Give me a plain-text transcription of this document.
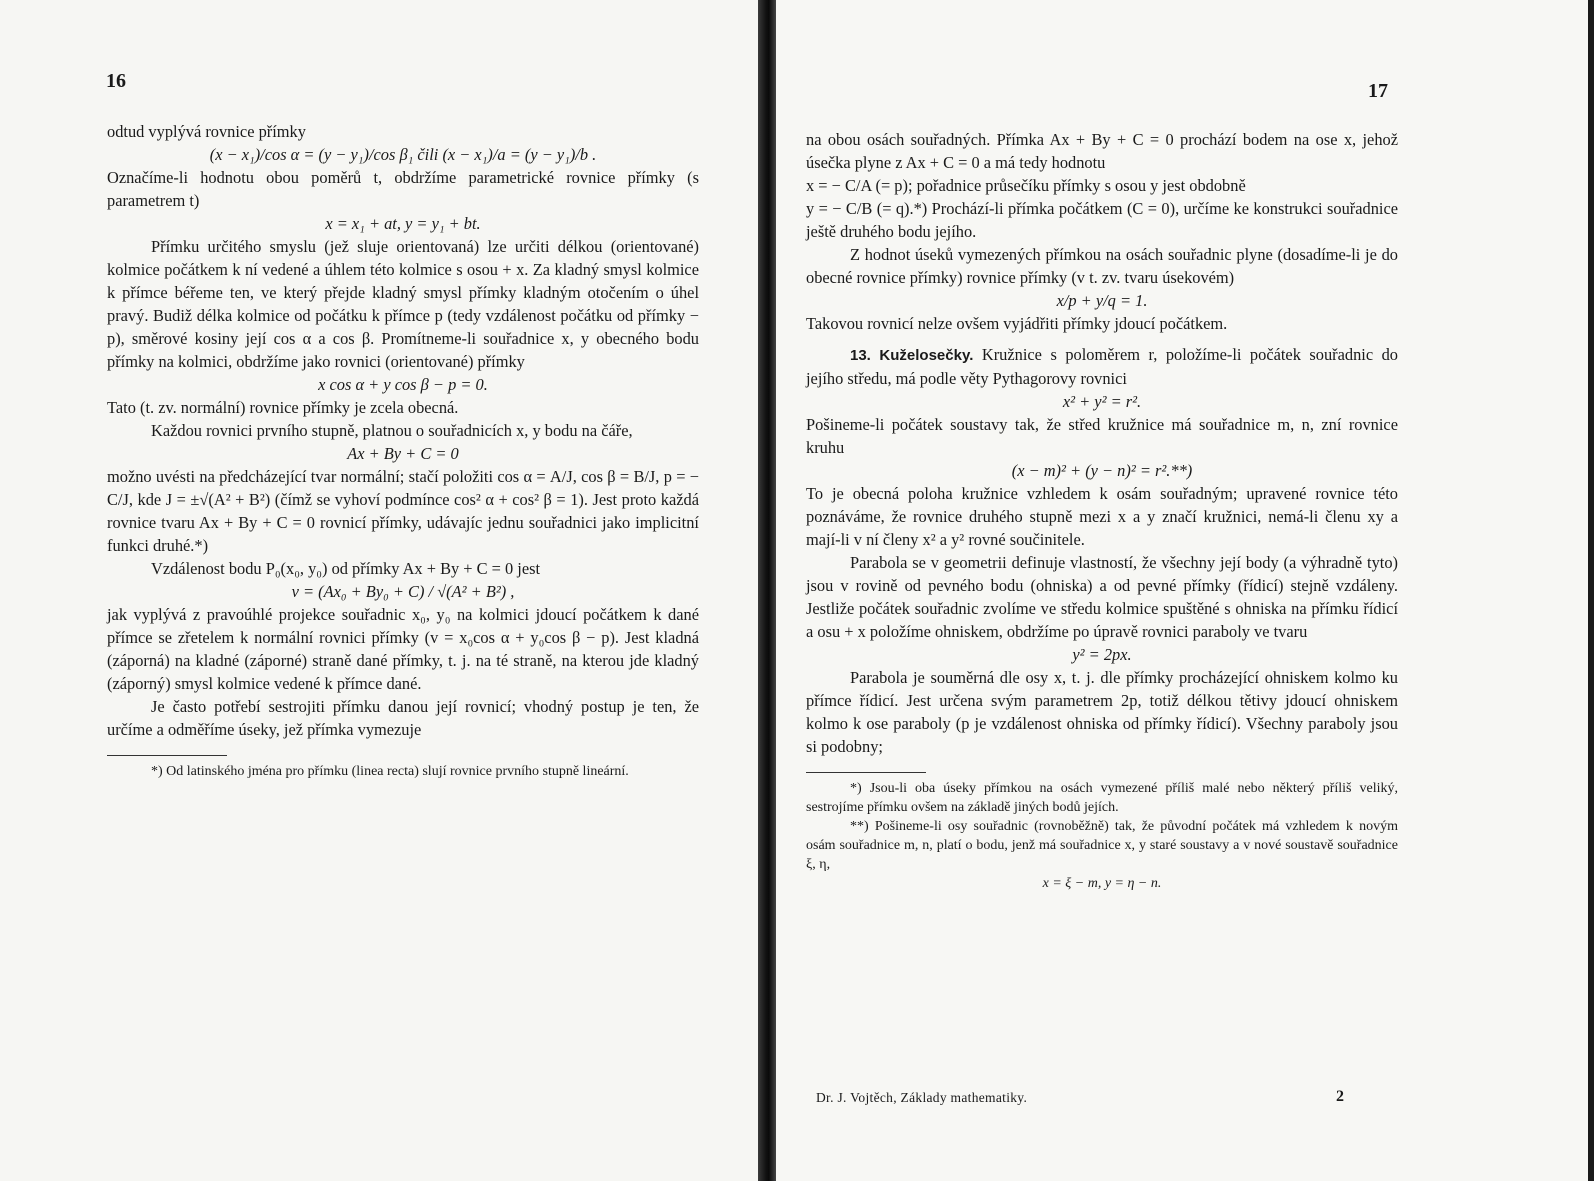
16

odtud vyplývá rovnice přímky

(x − x₁)/cos α = (y − y₁)/cos β₁ čili (x − x₁)/a = (y − y₁)/b .

Označíme-li hodnotu obou poměrů t, obdržíme parametrické rovnice přímky (s parametrem t)

x = x₁ + at, y = y₁ + bt.

Přímku určitého smyslu (jež sluje orientovaná) lze určiti délkou (orientované) kolmice počátkem k ní vedené a úhlem této kolmice s osou + x. Za kladný smysl kolmice k přímce béřeme ten, ve který přejde kladný smysl přímky kladným otočením o úhel pravý. Budiž délka kolmice od počátku k přímce p (tedy vzdálenost počátku od přímky − p), směrové kosiny její cos α a cos β. Promítneme-li souřadnice x, y obecného bodu přímky na kolmici, obdržíme jako rovnici (orientované) přímky

x cos α + y cos β − p = 0.

Tato (t. zv. normální) rovnice přímky je zcela obecná.

Každou rovnici prvního stupně, platnou o souřadnicích x, y bodu na čáře,

Ax + By + C = 0

možno uvésti na předcházející tvar normální; stačí položiti cos α = A/J, cos β = B/J, p = − C/J, kde J = ±√(A² + B²) (čímž se vyhoví podmínce cos² α + cos² β = 1). Jest proto každá rovnice tvaru Ax + By + C = 0 rovnicí přímky, udávajíc jednu souřadnici jako implicitní funkci druhé.*)

Vzdálenost bodu P₀(x₀, y₀) od přímky Ax + By + C = 0 jest

v = (Ax₀ + By₀ + C) / √(A² + B²) ,

jak vyplývá z pravoúhlé projekce souřadnic x₀, y₀ na kolmici jdoucí počátkem k dané přímce se zřetelem k normální rovnici přímky (v = x₀cos α + y₀cos β − p). Jest kladná (záporná) na kladné (záporné) straně dané přímky, t. j. na té straně, na kterou jde kladný (záporný) smysl kolmice vedené k přímce dané.

Je často potřebí sestrojiti přímku danou její rovnicí; vhodný postup je ten, že určíme a odměříme úseky, jež přímka vymezuje

*) Od latinského jména pro přímku (linea recta) slují rovnice prvního stupně lineární.

17

na obou osách souřadných. Přímka Ax + By + C = 0 prochází bodem na ose x, jehož úsečka plyne z Ax + C = 0 a má tedy hodnotu

x = − C/A (= p); pořadnice průsečíku přímky s osou y jest obdobně

y = − C/B (= q).*) Prochází-li přímka počátkem (C = 0), určíme ke konstrukci souřadnice ještě druhého bodu jejího.

Z hodnot úseků vymezených přímkou na osách souřadnic plyne (dosadíme-li je do obecné rovnice přímky) rovnice přímky (v t. zv. tvaru úsekovém)

x/p + y/q = 1.

Takovou rovnicí nelze ovšem vyjádřiti přímky jdoucí počátkem.

13. Kuželosečky. Kružnice s poloměrem r, položíme-li počátek souřadnic do jejího středu, má podle věty Pythagorovy rovnici

x² + y² = r².

Pošineme-li počátek soustavy tak, že střed kružnice má souřadnice m, n, zní rovnice kruhu

(x − m)² + (y − n)² = r².**)

To je obecná poloha kružnice vzhledem k osám souřadným; upravené rovnice této poznáváme, že rovnice druhého stupně mezi x a y značí kružnici, nemá-li členu xy a mají-li v ní členy x² a y² rovné součinitele.

Parabola se v geometrii definuje vlastností, že všechny její body (a výhradně tyto) jsou v rovině od pevného bodu (ohniska) a od pevné přímky (řídicí) stejně vzdáleny. Jestliže počátek souřadnic zvolíme ve středu kolmice spuštěné s ohniska na přímku řídicí a osu + x položíme ohniskem, obdržíme po úpravě rovnici paraboly ve tvaru

y² = 2px.

Parabola je souměrná dle osy x, t. j. dle přímky procházející ohniskem kolmo ku přímce řídicí. Jest určena svým parametrem 2p, totiž délkou tětivy jdoucí ohniskem kolmo k ose paraboly (p je vzdálenost ohniska od přímky řídicí). Všechny paraboly jsou si podobny;

*) Jsou-li oba úseky přímkou na osách vymezené příliš malé nebo některý příliš veliký, sestrojíme přímku ovšem na základě jiných bodů jejích.

**) Pošineme-li osy souřadnic (rovnoběžně) tak, že původní počátek má vzhledem k novým osám souřadnice m, n, platí o bodu, jenž má souřadnice x, y staré soustavy a v nové soustavě souřadnice ξ, η,

x = ξ − m, y = η − n.

Dr. J. Vojtěch, Základy mathematiky.	2
